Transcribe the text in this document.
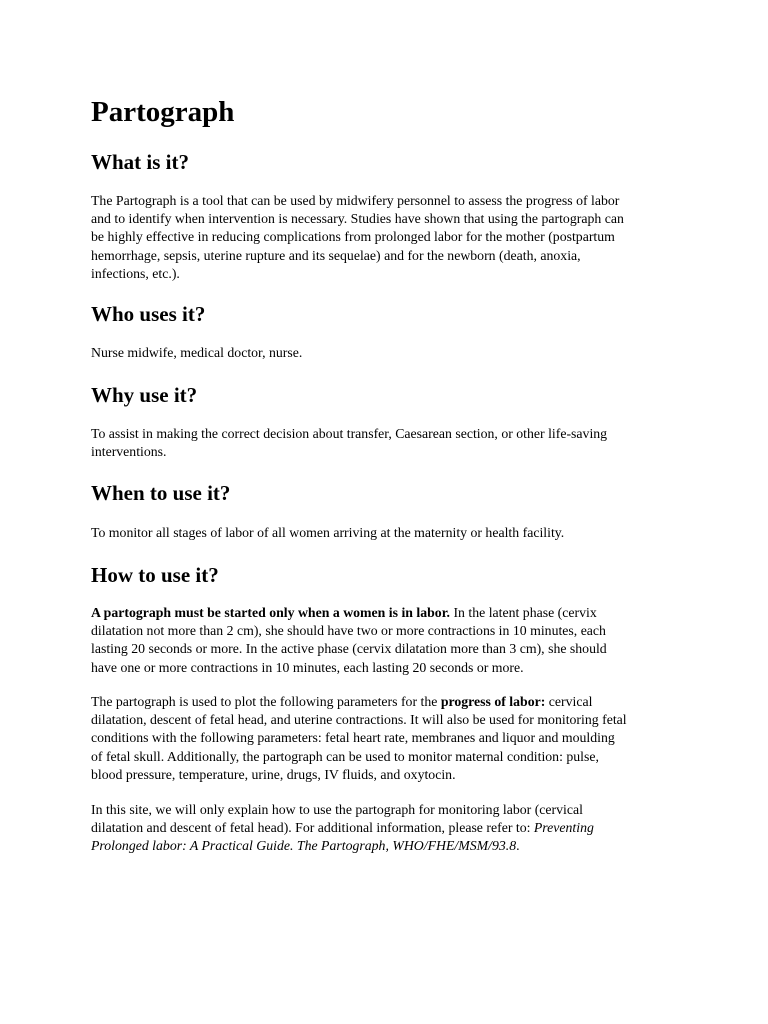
Partograph
What is it?

The Partograph is a tool that can be used by midwifery personnel to assess the progress of labor
and to identify when intervention is necessary. Studies have shown that using the partograph can
be highly effective in reducing complications from prolonged labor for the mother (postpartum
hemorrhage, sepsis, uterine rupture and its sequelae) and for the newborn (death, anoxia,
infections, etc.).

Who uses it?

Nurse midwife, medical doctor, nurse.

Why use it?

To assist in making the correct decision about transfer, Caesarean section, or other life-saving
interventions.

When to use it?

To monitor all stages of labor of all women arriving at the maternity or health facility.

How to use it?

A partograph must be started only when a women is in labor. In the latent phase (cervix
dilatation not more than 2 cm), she should have two or more contractions in 10 minutes, each
lasting 20 seconds or more. In the active phase (cervix dilatation more than 3 cm), she should
have one or more contractions in 10 minutes, each lasting 20 seconds or more.

The partograph is used to plot the following parameters for the progress of labor: cervical
dilatation, descent of fetal head, and uterine contractions. It will also be used for monitoring fetal
conditions with the following parameters: fetal heart rate, membranes and liquor and moulding
of fetal skull. Additionally, the partograph can be used to monitor maternal condition: pulse,
blood pressure, temperature, urine, drugs, IV fluids, and oxytocin.

In this site, we will only explain how to use the partograph for monitoring labor (cervical
dilatation and descent of fetal head). For additional information, please refer to: Preventing
Prolonged labor: A Practical Guide. The Partograph, WHO/FHE/MSM/93.8.
